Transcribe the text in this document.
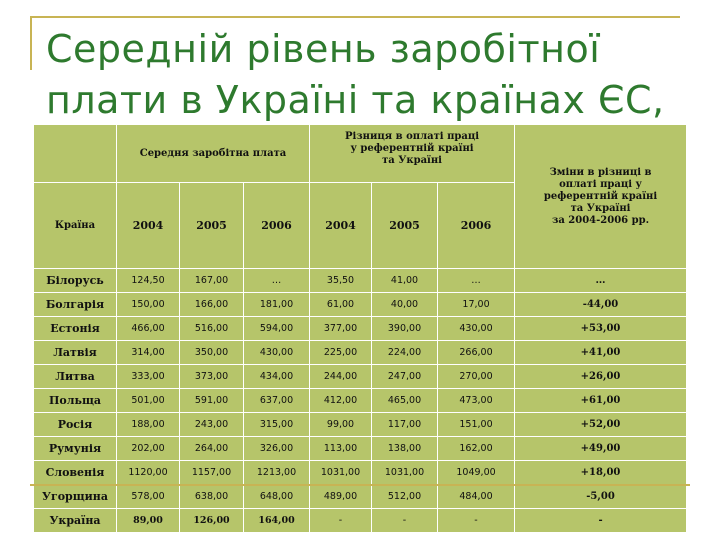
Середній рівень заробітної
плати в Україні та країнах ЄС,
	Середня заробітна плата			Різниця в оплаті праці
у референтній країні
та Україні			Зміни в різниці в
оплаті праці у
референтній країні
та Україні
за 2004-2006 рр.
Країна	2004	2005	2006	2004	2005	2006	
Білорусь	124,50	167,00	…	35,50	41,00	…	…
Болгарія	150,00	166,00	181,00	61,00	40,00	17,00	-44,00
Естонія	466,00	516,00	594,00	377,00	390,00	430,00	+53,00
Латвія	314,00	350,00	430,00	225,00	224,00	266,00	+41,00
Литва	333,00	373,00	434,00	244,00	247,00	270,00	+26,00
Польща	501,00	591,00	637,00	412,00	465,00	473,00	+61,00
Росія	188,00	243,00	315,00	99,00	117,00	151,00	+52,00
Румунія	202,00	264,00	326,00	113,00	138,00	162,00	+49,00
Словенія	1120,00	1157,00	1213,00	1031,00	1031,00	1049,00	+18,00
Угорщина	578,00	638,00	648,00	489,00	512,00	484,00	-5,00
Україна	89,00	126,00	164,00	-	-	-	-
